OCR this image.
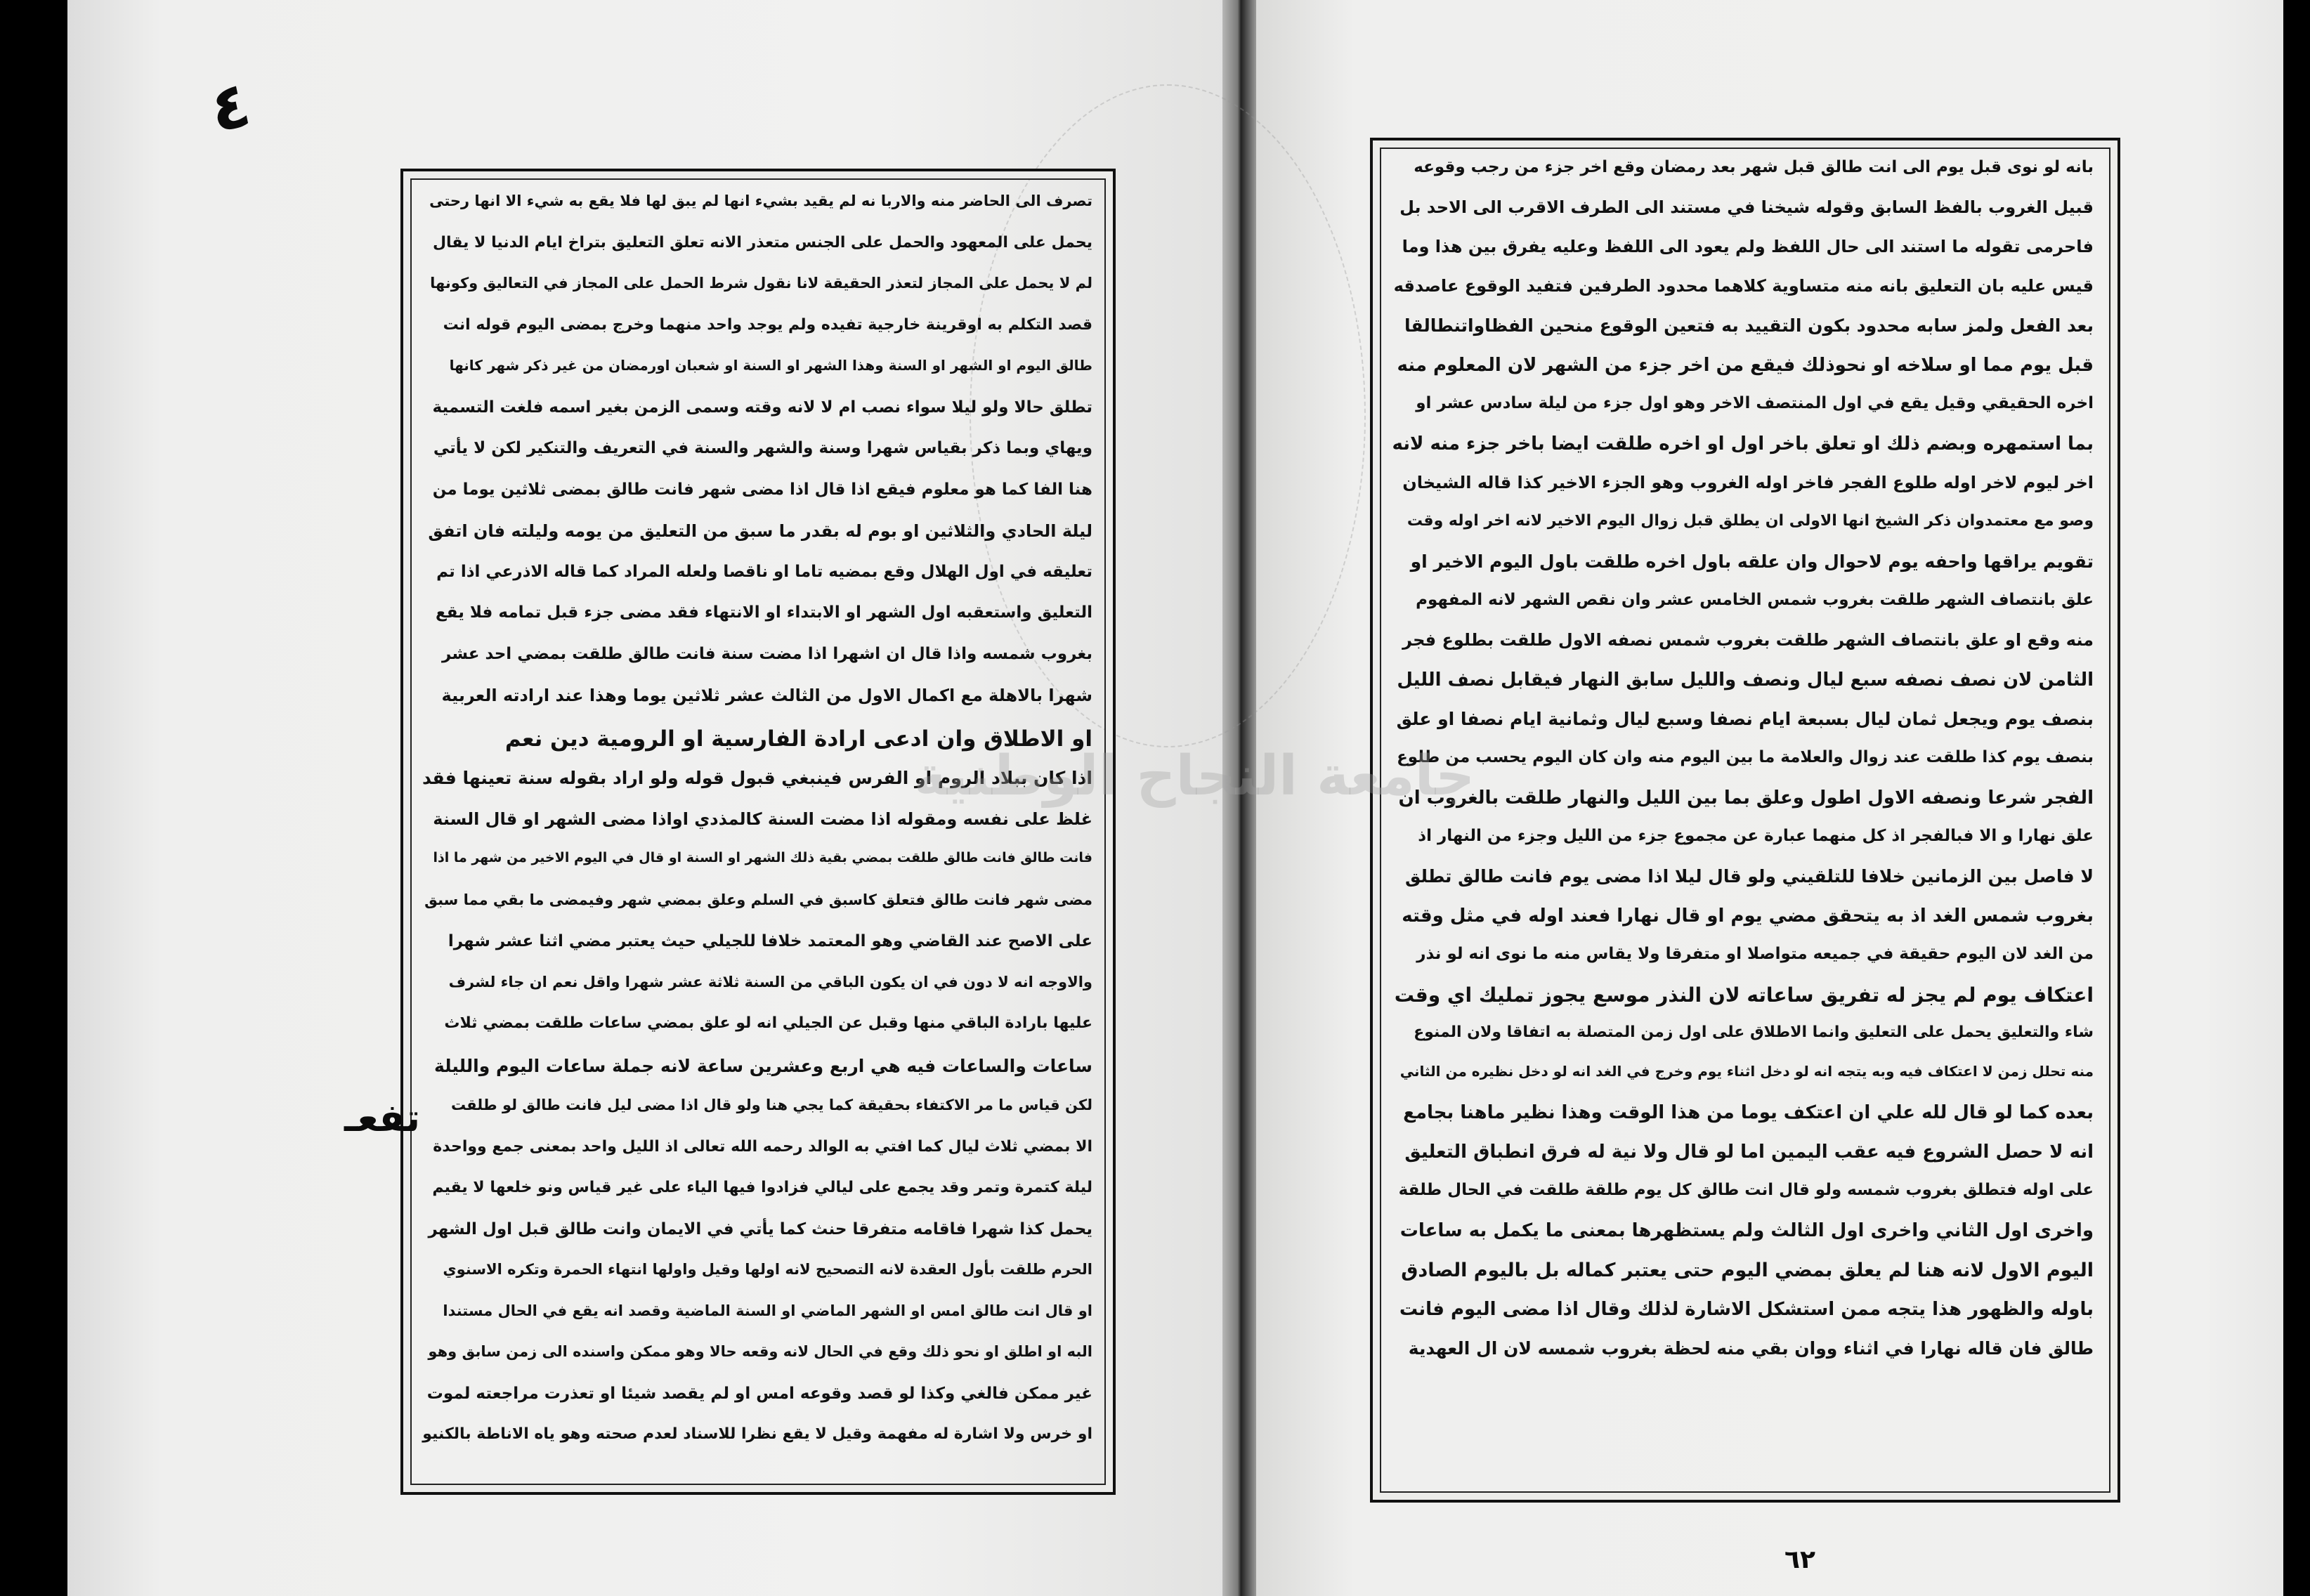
تصرف الى الحاضر منه والاربا نه لم يقيد بشيء انها لم يبق لها فلا يقع به شيء الا انها رحتى
يحمل على المعهود والحمل على الجنس متعذر الانه تعلق التعليق بتراخ ايام الدنيا لا يقال
لم لا يحمل على المجاز لتعذر الحقيقة لانا نقول شرط الحمل على المجاز في التعاليق وكونها
قصد التكلم به اوقرينة خارجية تفيده ولم يوجد واحد منهما وخرج بمضى اليوم قوله انت
طالق اليوم او الشهر او السنة وهذا الشهر او السنة او شعبان اورمضان من غير ذكر شهر كانها
تطلق حالا ولو ليلا سواء نصب ام لا لانه وقته وسمى الزمن بغير اسمه فلغت التسمية
ويهاي وبما ذكر بقياس شهرا وسنة والشهر والسنة في التعريف والتنكير لكن لا يأتي
هنا الفا كما هو معلوم فيقع اذا قال اذا مضى شهر فانت طالق بمضى ثلاثين يوما من
ليلة الحادي والثلاثين او بوم له بقدر ما سبق من التعليق من يومه وليلته فان اتفق
تعليقه في اول الهلال وقع بمضيه تاما او ناقصا ولعله المراد كما قاله الاذرعي اذا تم
التعليق واستعقبه اول الشهر او الابتداء او الانتهاء فقد مضى جزء قبل تمامه فلا يقع
بغروب شمسه واذا قال ان اشهرا اذا مضت سنة فانت طالق طلقت بمضي احد عشر
شهرا بالاهلة مع اكمال الاول من الثالث عشر ثلاثين يوما وهذا عند ارادته العربية
او الاطلاق وان ادعى ارادة الفارسية او الرومية دين نعم
اذا كان ببلاد الروم او الفرس فينبغي قبول قوله ولو اراد بقوله سنة تعينها فقد
غلظ على نفسه ومقوله اذا مضت السنة كالمذدي اواذا مضى الشهر او قال السنة
فانت طالق فانت طالق طلقت بمضي بقية ذلك الشهر او السنة او قال في اليوم الاخير من شهر ما اذا
مضى شهر فانت طالق فتعلق كاسبق في السلم وعلق بمضي شهر وفيمضى ما بقي مما سبق
على الاصح عند القاضي وهو المعتمد خلافا للجيلي حيث يعتبر مضي اثنا عشر شهرا
والاوجه انه لا دون في ان يكون الباقي من السنة ثلاثة عشر شهرا واقل نعم ان جاء لشرف
عليها بارادة الباقي منها وقبل عن الجيلي انه لو علق بمضي ساعات طلقت بمضي ثلاث
ساعات والساعات فيه هي اربع وعشرين ساعة لانه جملة ساعات اليوم والليلة
لكن قياس ما مر الاكتفاء بحقيقة كما يجي هنا ولو قال اذا مضى ليل فانت طالق لو طلقت
الا بمضي ثلاث ليال كما افتي به الوالد رحمه الله تعالى اذ الليل واحد بمعنى جمع وواحدة
ليلة كتمرة وتمر وقد يجمع على ليالي فزادوا فيها الياء على غير قياس ونو خلعها لا يقيم
يحمل كذا شهرا فاقامه متفرقا حنث كما يأتي في الايمان وانت طالق قبل اول الشهر
الحرم طلقت بأول العقدة لانه التصحيح لانه اولها وقيل واولها انتهاء الحمرة وتكره الاسنوي
او قال انت طالق امس او الشهر الماضي او السنة الماضية وقصد انه يقع في الحال مستندا
البه او اطلق او نحو ذلك وقع في الحال لانه وقعه حالا وهو ممكن واسنده الى زمن سابق وهو
غير ممكن فالغي وكذا لو قصد وقوعه امس او لم يقصد شيئا او تعذرت مراجعته لموت
او خرس ولا اشارة له مفهمة وقيل لا يقع نظرا للاسناد لعدم صحته وهو ياه الاناطة بالكنيو
بانه لو نوى قبل يوم الى انت طالق قبل شهر بعد رمضان وقع اخر جزء من رجب وقوعه
قبيل الغروب بالفظ السابق وقوله شيخنا في مستند الى الطرف الاقرب الى الاحد بل
فاحرمى تقوله ما استند الى حال اللفظ ولم يعود الى اللفظ وعليه يفرق بين هذا وما
قيس عليه بان التعليق بانه منه متساوية كلاهما محدود الطرفين فتفيد الوقوع عاصدقه
بعد الفعل ولمز سابه محدود بكون التقييد به فتعين الوقوع منحين الفظاواتنطالقا
قبل يوم مما او سلاخه او نحوذلك فيقع من اخر جزء من الشهر لان المعلوم منه
اخره الحقيقي وقيل يقع في اول المنتصف الاخر وهو اول جزء من ليلة سادس عشر او
بما استمهره وبضم ذلك او تعلق باخر اول او اخره طلقت ايضا باخر جزء منه لانه
اخر ليوم لاخر اوله طلوع الفجر فاخر اوله الغروب وهو الجزء الاخير كذا قاله الشيخان
وصو مع معتمدوان ذكر الشيخ انها الاولى ان يطلق قبل زوال اليوم الاخير لانه اخر اوله وقت
تقويم يراقها واحفه يوم لاحوال وان علقه باول اخره طلقت باول اليوم الاخير او
علق بانتصاف الشهر طلقت بغروب شمس الخامس عشر وان نقص الشهر لانه المفهوم
منه وقع او علق بانتصاف الشهر طلقت بغروب شمس نصفه الاول طلقت بطلوع فجر
الثامن لان نصف نصفه سبع ليال ونصف والليل سابق النهار فيقابل نصف الليل
بنصف يوم ويجعل ثمان ليال بسبعة ايام نصفا وسبع ليال وثمانية ايام نصفا او علق
بنصف يوم كذا طلقت عند زوال والعلامة ما بين اليوم منه وان كان اليوم يحسب من طلوع
الفجر شرعا ونصفه الاول اطول وعلق بما بين الليل والنهار طلقت بالغروب ان
علق نهارا و الا فبالفجر اذ كل منهما عبارة عن مجموع جزء من الليل وجزء من النهار اذ
لا فاصل بين الزمانين خلافا للتلقيني ولو قال ليلا اذا مضى يوم فانت طالق تطلق
بغروب شمس الغد اذ به يتحقق مضي يوم او قال نهارا فعند اوله في مثل وقته
من الغد لان اليوم حقيقة في جميعه متواصلا او متفرقا ولا يقاس منه ما نوى انه لو نذر
اعتكاف يوم لم يجز له تفريق ساعاته لان النذر موسع يجوز تمليك اي وقت
شاء والتعليق يحمل على التعليق وانما الاطلاق على اول زمن المتصلة به اتفاقا ولان المنوع
منه تحلل زمن لا اعتكاف فيه وبه يتجه انه لو دخل اثناء يوم وخرج في الغد انه لو دخل نظيره من الثاني
بعده كما لو قال لله علي ان اعتكف يوما من هذا الوقت وهذا نظير ماهنا بجامع
انه لا حصل الشروع فيه عقب اليمين اما لو قال ولا نية له فرق انطباق التعليق
على اوله فتطلق بغروب شمسه ولو قال انت طالق كل يوم طلقة طلقت في الحال طلقة
واخرى اول الثاني واخرى اول الثالث ولم يستظهرها بمعنى ما يكمل به ساعات
اليوم الاول لانه هنا لم يعلق بمضي اليوم حتى يعتبر كماله بل باليوم الصادق
باوله والظهور هذا يتجه ممن استشكل الاشارة لذلك وقال اذا مضى اليوم فانت
طالق فان قاله نهارا في اثناء ووان بقي منه لحظة بغروب شمسه لان ال العهدية
٤
تفعـ
٦٢
جامعة النجاح الوطنية
